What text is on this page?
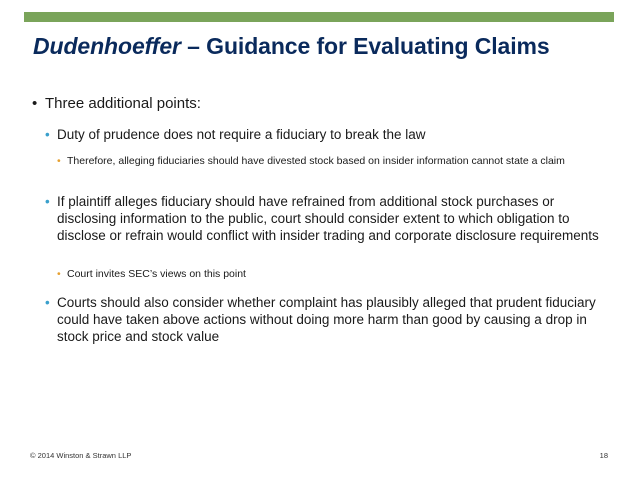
Dudenhoeffer – Guidance for Evaluating Claims
• Three additional points:
• Duty of prudence does not require a fiduciary to break the law
• Therefore, alleging fiduciaries should have divested stock based on insider information cannot state a claim
• If plaintiff alleges fiduciary should have refrained from additional stock purchases or disclosing information to the public, court should consider extent to which obligation to disclose or refrain would conflict with insider trading and corporate disclosure requirements
• Court invites SEC’s views on this point
• Courts should also consider whether complaint has plausibly alleged that prudent fiduciary could have taken above actions without doing more harm than good by causing a drop in stock price and stock value
© 2014 Winston & Strawn LLP	18
